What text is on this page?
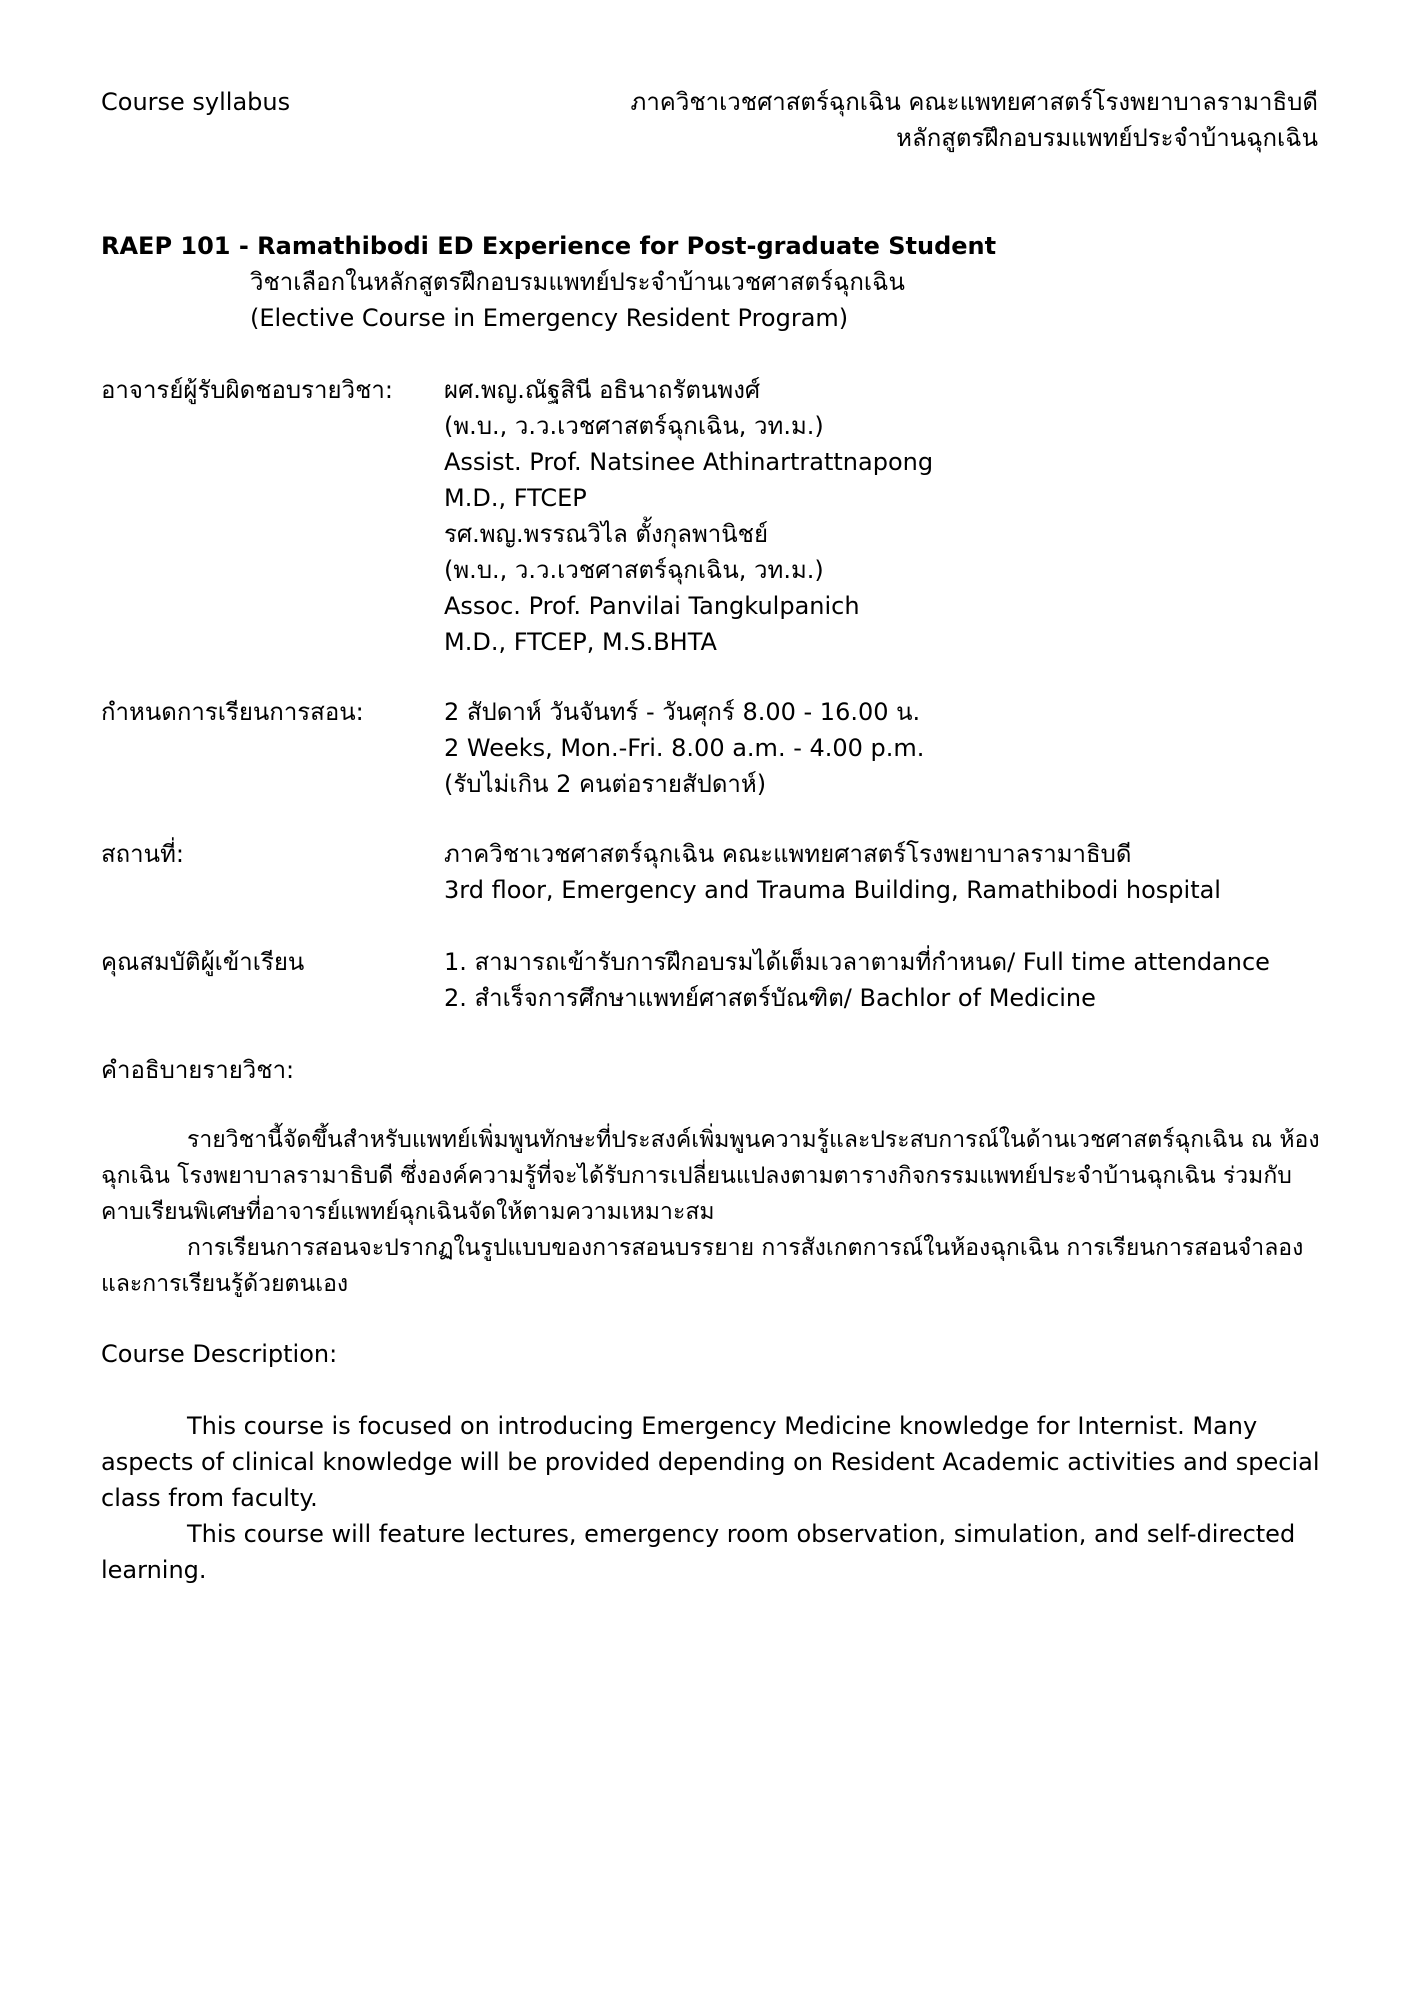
Course syllabus	ภาควิชาเวชศาสตร์ฉุกเฉิน คณะแพทยศาสตร์โรงพยาบาลรามาธิบดี
หลักสูตรฝึกอบรมแพทย์ประจำบ้านฉุกเฉิน
RAEP 101 - Ramathibodi ED Experience for Post-graduate Student
วิชาเลือกในหลักสูตรฝึกอบรมแพทย์ประจำบ้านเวชศาสตร์ฉุกเฉิน
(Elective Course in Emergency Resident Program)
อาจารย์ผู้รับผิดชอบรายวิชา: ผศ.พญ.ณัฐสินี อธินาถรัตนพงศ์
(พ.บ., ว.ว.เวชศาสตร์ฉุกเฉิน, วท.ม.)
Assist. Prof. Natsinee Athinartrattnapong
M.D., FTCEP
รศ.พญ.พรรณวิไล ตั้งกุลพานิชย์
(พ.บ., ว.ว.เวชศาสตร์ฉุกเฉิน, วท.ม.)
Assoc. Prof. Panvilai Tangkulpanich
M.D., FTCEP, M.S.BHTA
กำหนดการเรียนการสอน:	2 สัปดาห์ วันจันทร์ - วันศุกร์ 8.00 - 16.00 น.
2 Weeks, Mon.-Fri. 8.00 a.m. - 4.00 p.m.
(รับไม่เกิน 2 คนต่อรายสัปดาห์)
สถานที่:	ภาควิชาเวชศาสตร์ฉุกเฉิน คณะแพทยศาสตร์โรงพยาบาลรามาธิบดี
3rd floor, Emergency and Trauma Building, Ramathibodi hospital
คุณสมบัติผู้เข้าเรียน	1. สามารถเข้ารับการฝึกอบรมได้เต็มเวลาตามที่กำหนด/ Full time attendance
2. สำเร็จการศึกษาแพทย์ศาสตร์บัณฑิต/ Bachlor of Medicine
คำอธิบายรายวิชา:

รายวิชานี้จัดขึ้นสำหรับแพทย์เพิ่มพูนทักษะที่ประสงค์เพิ่มพูนความรู้และประสบการณ์ในด้านเวชศาสตร์ฉุกเฉิน ณ ห้องฉุกเฉิน โรงพยาบาลรามาธิบดี ซึ่งองค์ความรู้ที่จะได้รับการเปลี่ยนแปลงตามตารางกิจกรรมแพทย์ประจำบ้านฉุกเฉิน ร่วมกับคาบเรียนพิเศษที่อาจารย์แพทย์ฉุกเฉินจัดให้ตามความเหมาะสม

การเรียนการสอนจะปรากฏในรูปแบบของการสอนบรรยาย การสังเกตการณ์ในห้องฉุกเฉิน การเรียนการสอนจำลอง และการเรียนรู้ด้วยตนเอง

Course Description:

This course is focused on introducing Emergency Medicine knowledge for Internist. Many aspects of clinical knowledge will be provided depending on Resident Academic activities and special class from faculty.

This course will feature lectures, emergency room observation, simulation, and self-directed learning.
